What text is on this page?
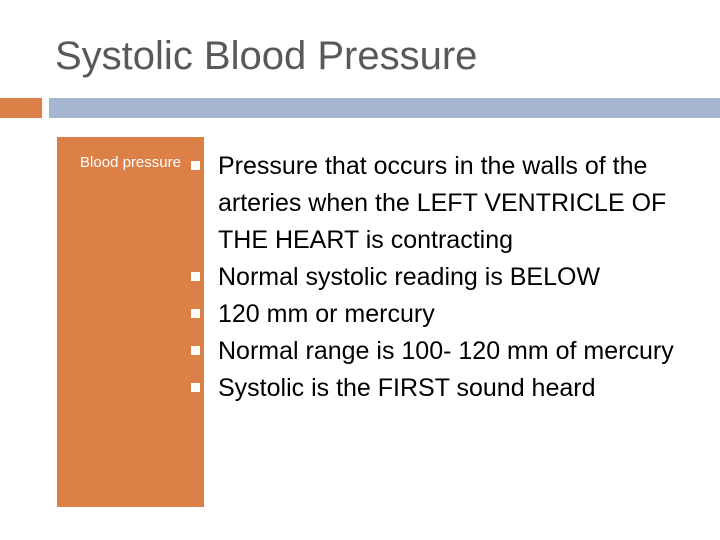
Systolic Blood Pressure
Blood pressure	Pressure that occurs in the walls of the arteries when the LEFT VENTRICLE OF THE HEART is contracting
Normal systolic reading is BELOW
120 mm or mercury
Normal range is 100- 120 mm of mercury
Systolic is the FIRST sound heard
